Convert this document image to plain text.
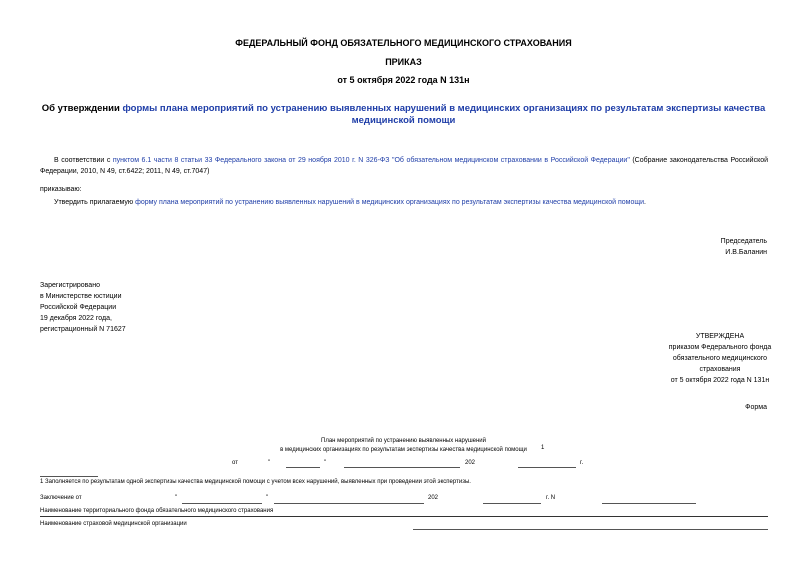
ФЕДЕРАЛЬНЫЙ ФОНД ОБЯЗАТЕЛЬНОГО МЕДИЦИНСКОГО СТРАХОВАНИЯ
ПРИКАЗ
от 5 октября 2022 года N 131н
Об утверждении формы плана мероприятий по устранению выявленных нарушений в медицинских организациях по результатам экспертизы качества медицинской помощи
В соответствии с пунктом 6.1 части 8 статьи 33 Федерального закона от 29 ноября 2010 г. N 326-ФЗ "Об обязательном медицинском страховании в Российской Федерации" (Собрание законодательства Российской Федерации, 2010, N 49, ст.6422; 2011, N 49, ст.7047)
приказываю:
Утвердить прилагаемую форму плана мероприятий по устранению выявленных нарушений в медицинских организациях по результатам экспертизы качества медицинской помощи.
Председатель
И.В.Баланин
Зарегистрировано
в Министерстве юстиции
Российской Федерации
19 декабря 2022 года,
регистрационный N 71627
УТВЕРЖДЕНА
приказом Федерального фонда
обязательного медицинского
страхования
от 5 октября 2022 года N 131н
Форма
План мероприятий по устранению выявленных нарушений
в медицинских организациях по результатам экспертизы качества медицинской помощи	1
от	"	"	202	г.
1 Заполняется по результатам одной экспертизы качества медицинской помощи с учетом всех нарушений, выявленных при проведении этой экспертизы.
Заключение от	"	"	202	г. N
Наименование территориального фонда обязательного медицинского страхования
Наименование страховой медицинской организации
